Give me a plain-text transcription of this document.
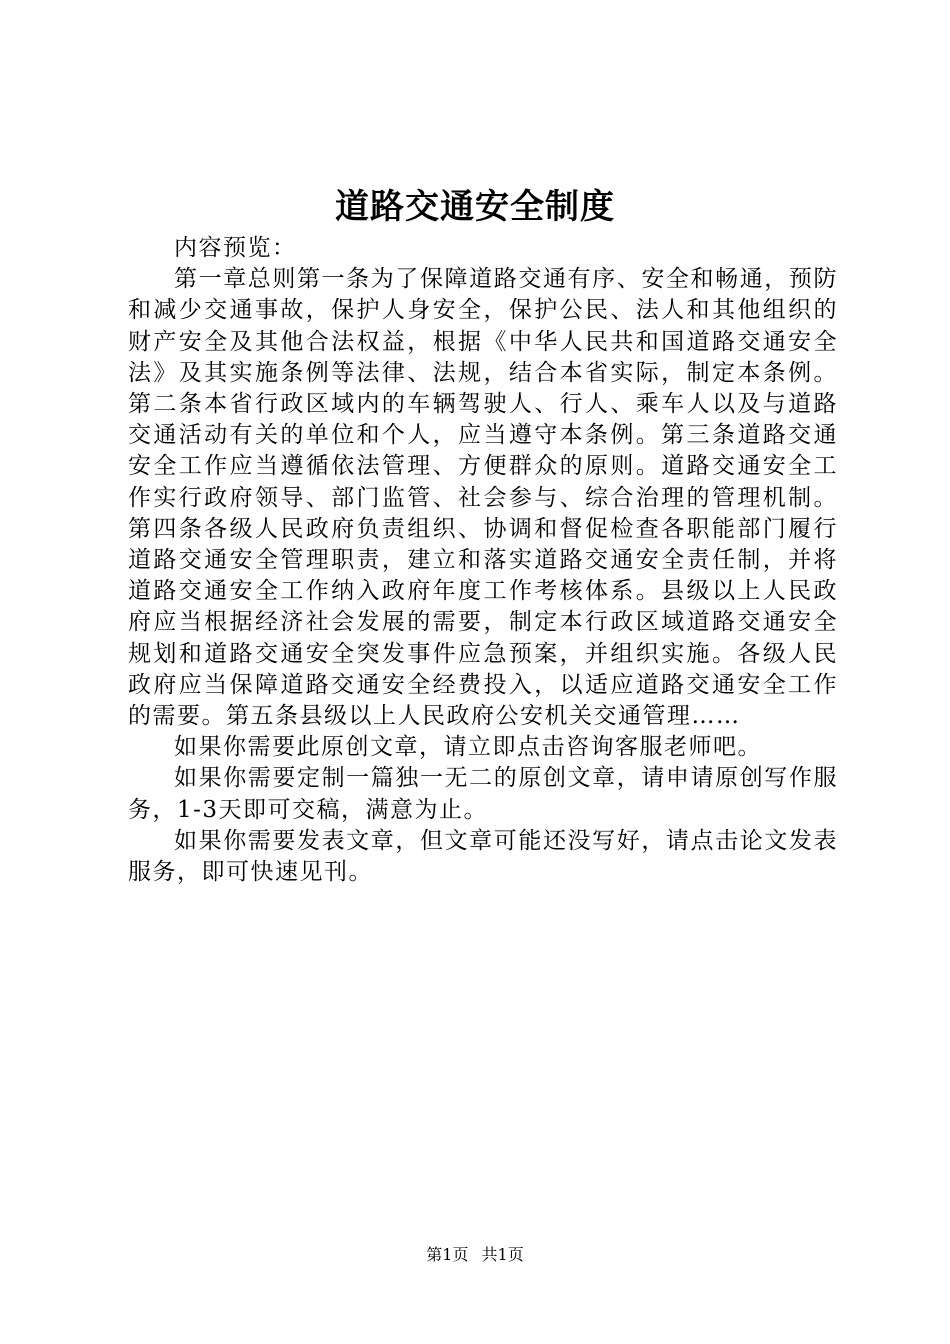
道路交通安全制度

内容预览：

第一章总则第一条为了保障道路交通有序、安全和畅通，预防和减少交通事故，保护人身安全，保护公民、法人和其他组织的财产安全及其他合法权益，根据《中华人民共和国道路交通安全法》及其实施条例等法律、法规，结合本省实际，制定本条例。第二条本省行政区域内的车辆驾驶人、行人、乘车人以及与道路交通活动有关的单位和个人，应当遵守本条例。第三条道路交通安全工作应当遵循依法管理、方便群众的原则。道路交通安全工作实行政府领导、部门监管、社会参与、综合治理的管理机制。第四条各级人民政府负责组织、协调和督促检查各职能部门履行道路交通安全管理职责，建立和落实道路交通安全责任制，并将道路交通安全工作纳入政府年度工作考核体系。县级以上人民政府应当根据经济社会发展的需要，制定本行政区域道路交通安全规划和道路交通安全突发事件应急预案，并组织实施。各级人民政府应当保障道路交通安全经费投入，以适应道路交通安全工作的需要。第五条县级以上人民政府公安机关交通管理……

如果你需要此原创文章，请立即点击咨询客服老师吧。

如果你需要定制一篇独一无二的原创文章，请申请原创写作服务，1-3天即可交稿，满意为止。

如果你需要发表文章，但文章可能还没写好，请点击论文发表服务，即可快速见刊。

第1页 共1页
